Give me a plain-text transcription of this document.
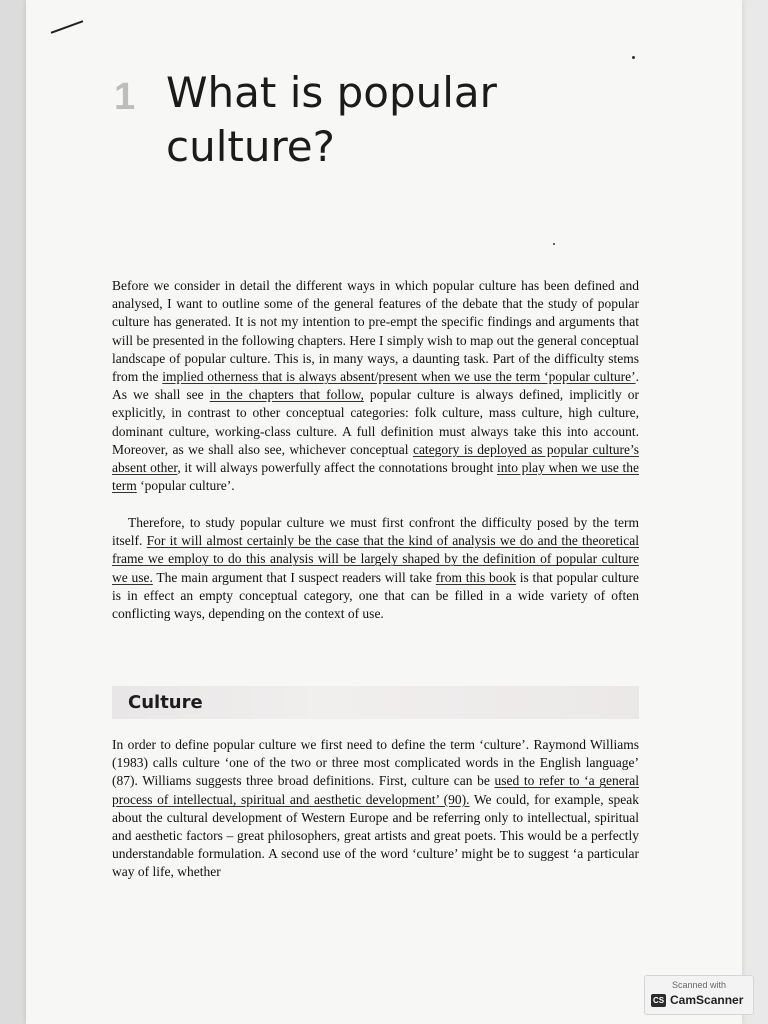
1 What is popular culture?

Before we consider in detail the different ways in which popular culture has been defined and analysed, I want to outline some of the general features of the debate that the study of popular culture has generated. It is not my intention to pre-empt the specific findings and arguments that will be presented in the following chapters. Here I simply wish to map out the general conceptual landscape of popular culture. This is, in many ways, a daunting task. Part of the difficulty stems from the implied otherness that is always absent/present when we use the term ‘popular culture’. As we shall see in the chapters that follow, popular culture is always defined, implicitly or explicitly, in contrast to other conceptual categories: folk culture, mass culture, high culture, dominant culture, working-class culture. A full definition must always take this into account. Moreover, as we shall also see, whichever conceptual category is deployed as popular culture’s absent other, it will always powerfully affect the connotations brought into play when we use the term ‘popular culture’.

Therefore, to study popular culture we must first confront the difficulty posed by the term itself. For it will almost certainly be the case that the kind of analysis we do and the theoretical frame we employ to do this analysis will be largely shaped by the definition of popular culture we use. The main argument that I suspect readers will take from this book is that popular culture is in effect an empty conceptual category, one that can be filled in a wide variety of often conflicting ways, depending on the context of use.

Culture

In order to define popular culture we first need to define the term ‘culture’. Raymond Williams (1983) calls culture ‘one of the two or three most complicated words in the English language’ (87). Williams suggests three broad definitions. First, culture can be used to refer to ‘a general process of intellectual, spiritual and aesthetic development’ (90). We could, for example, speak about the cultural development of Western Europe and be referring only to intellectual, spiritual and aesthetic factors – great philosophers, great artists and great poets. This would be a perfectly understandable formulation. A second use of the word ‘culture’ might be to suggest ‘a particular way of life, whether

Scanned with
CS CamScanner
